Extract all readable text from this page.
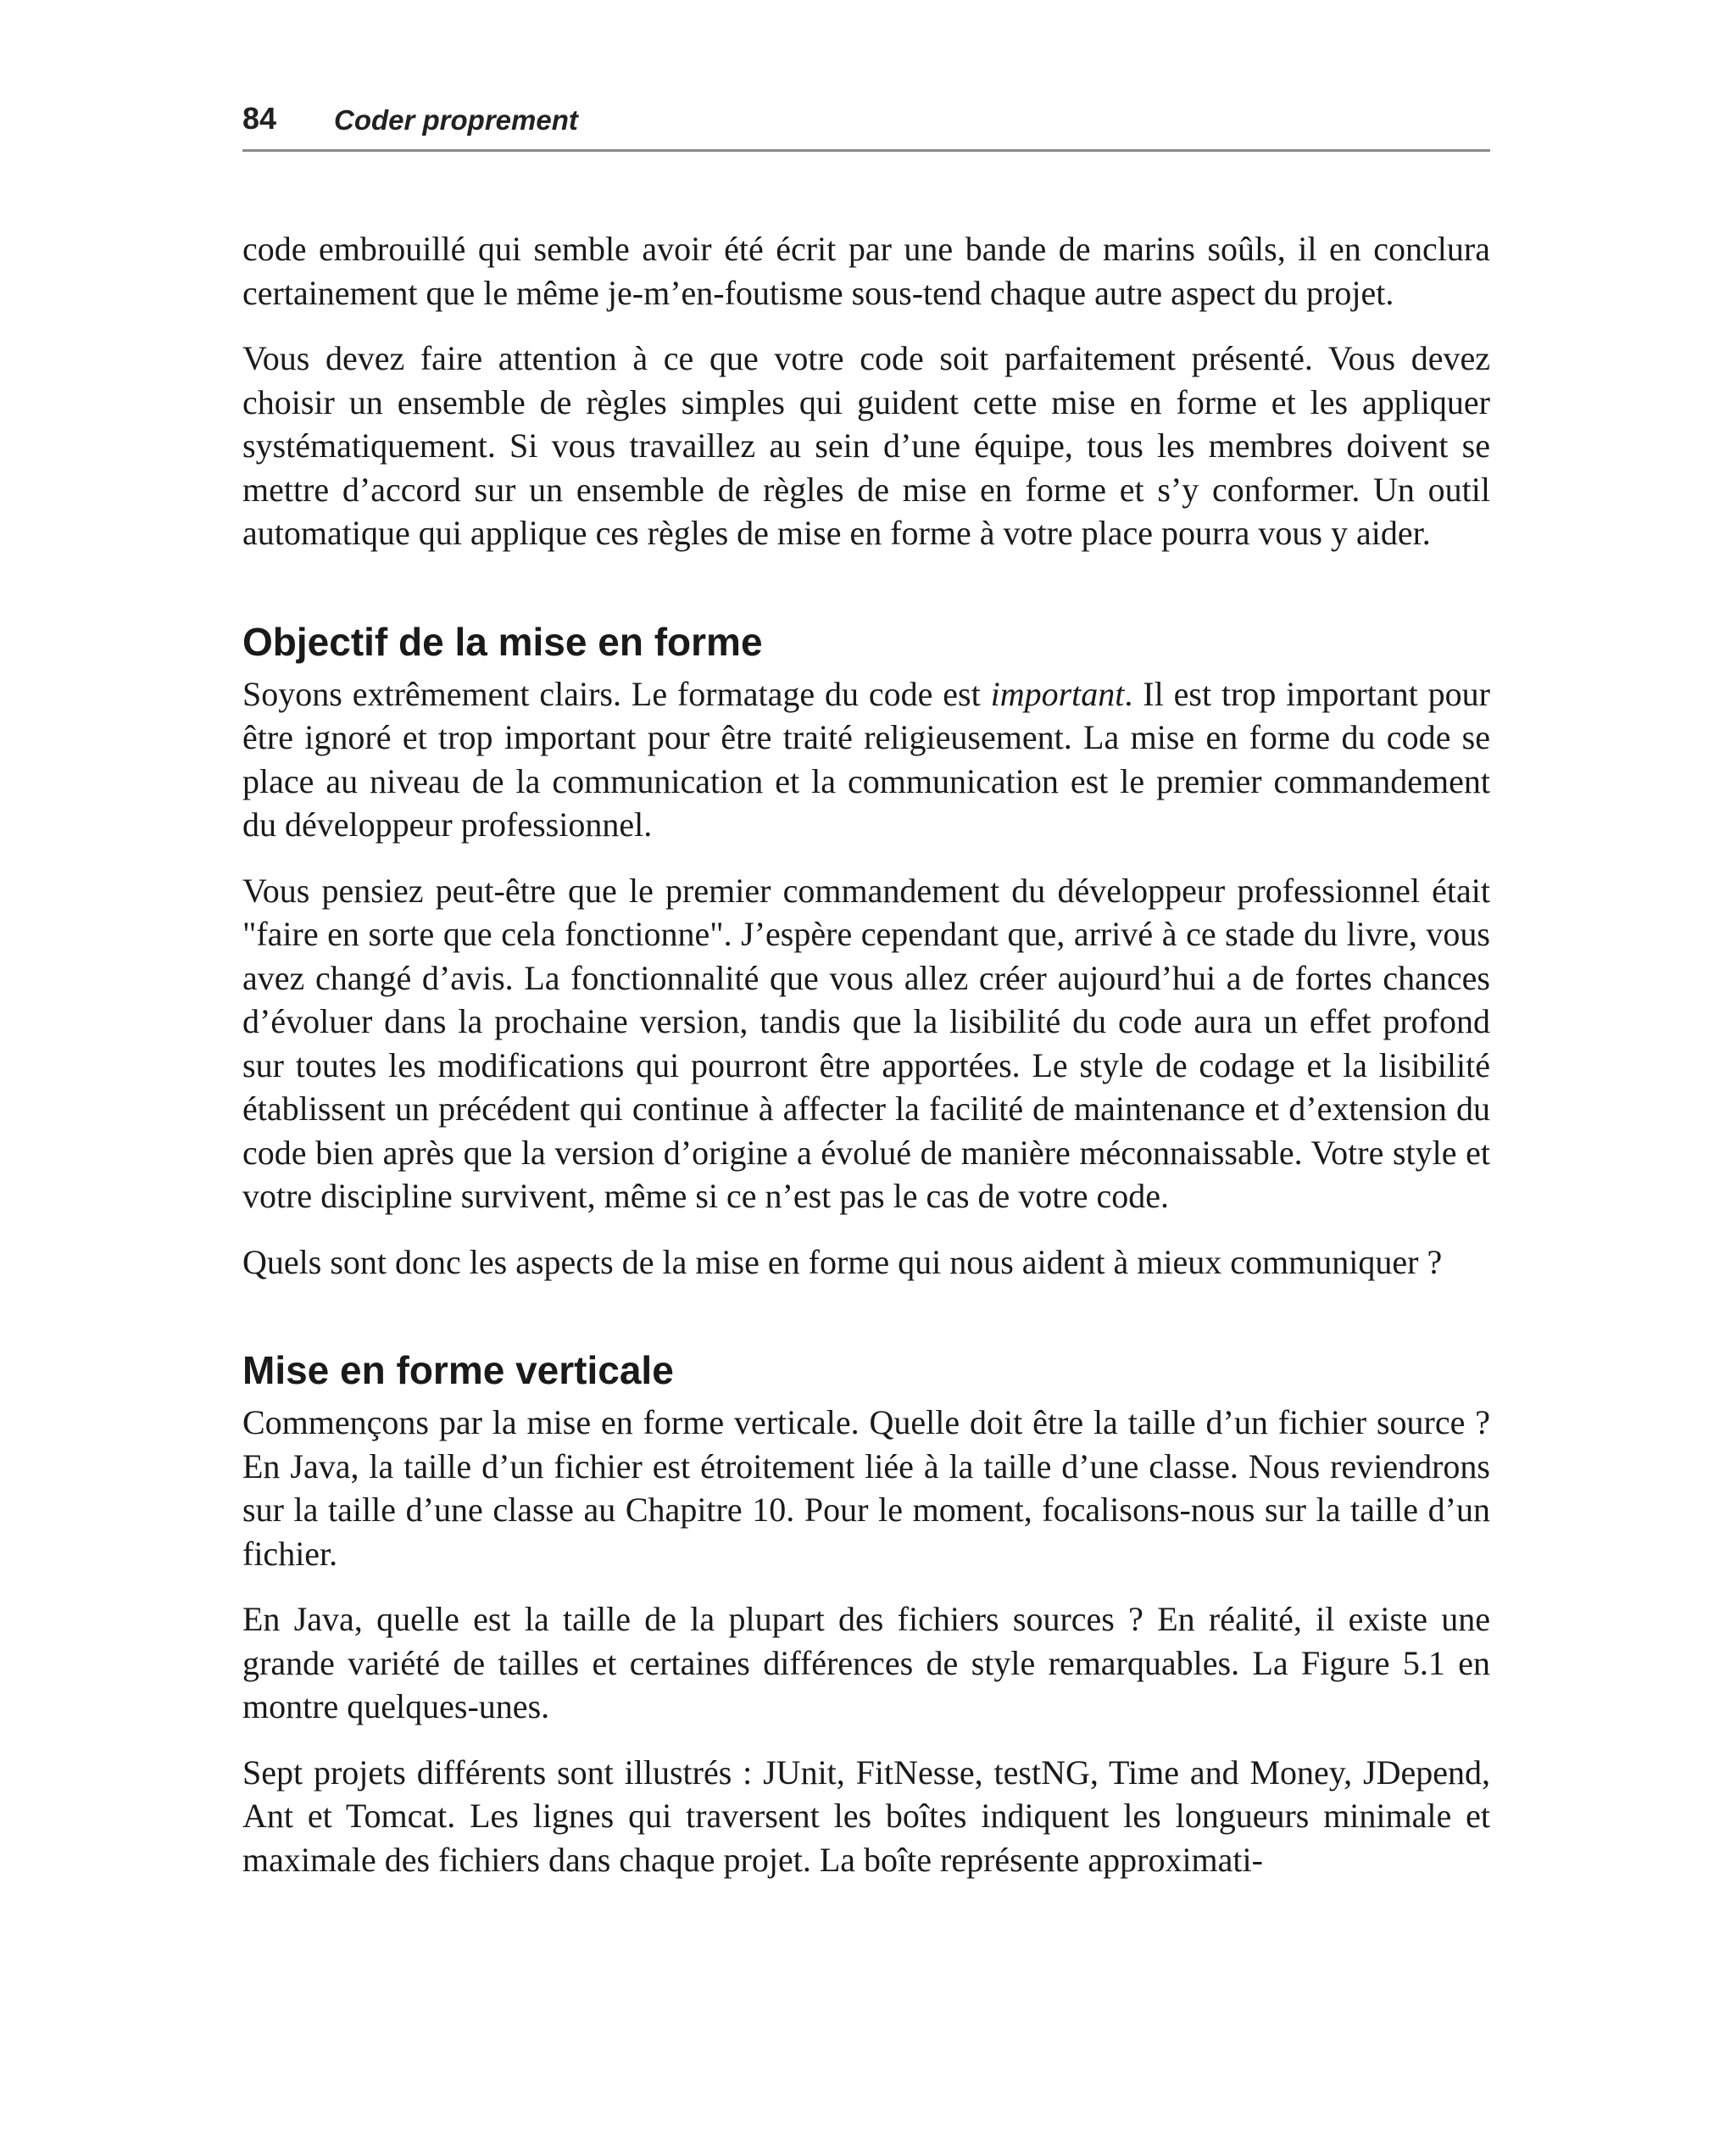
84 Coder proprement

code embrouillé qui semble avoir été écrit par une bande de marins soûls, il en conclura certainement que le même je-m’en-foutisme sous-tend chaque autre aspect du projet.

Vous devez faire attention à ce que votre code soit parfaitement présenté. Vous devez choisir un ensemble de règles simples qui guident cette mise en forme et les appliquer systématiquement. Si vous travaillez au sein d’une équipe, tous les membres doivent se mettre d’accord sur un ensemble de règles de mise en forme et s’y conformer. Un outil automatique qui applique ces règles de mise en forme à votre place pourra vous y aider.

Objectif de la mise en forme

Soyons extrêmement clairs. Le formatage du code est important. Il est trop important pour être ignoré et trop important pour être traité religieusement. La mise en forme du code se place au niveau de la communication et la communication est le premier commandement du développeur professionnel.

Vous pensiez peut-être que le premier commandement du développeur professionnel était "faire en sorte que cela fonctionne". J’espère cependant que, arrivé à ce stade du livre, vous avez changé d’avis. La fonctionnalité que vous allez créer aujourd’hui a de fortes chances d’évoluer dans la prochaine version, tandis que la lisibilité du code aura un effet profond sur toutes les modifications qui pourront être apportées. Le style de codage et la lisibilité établissent un précédent qui continue à affecter la facilité de maintenance et d’extension du code bien après que la version d’origine a évolué de manière méconnaissable. Votre style et votre discipline survivent, même si ce n’est pas le cas de votre code.

Quels sont donc les aspects de la mise en forme qui nous aident à mieux communiquer ?

Mise en forme verticale

Commençons par la mise en forme verticale. Quelle doit être la taille d’un fichier source ? En Java, la taille d’un fichier est étroitement liée à la taille d’une classe. Nous reviendrons sur la taille d’une classe au Chapitre 10. Pour le moment, focalisons-nous sur la taille d’un fichier.

En Java, quelle est la taille de la plupart des fichiers sources ? En réalité, il existe une grande variété de tailles et certaines différences de style remarquables. La Figure 5.1 en montre quelques-unes.

Sept projets différents sont illustrés : JUnit, FitNesse, testNG, Time and Money, JDepend, Ant et Tomcat. Les lignes qui traversent les boîtes indiquent les longueurs minimale et maximale des fichiers dans chaque projet. La boîte représente approximati-
